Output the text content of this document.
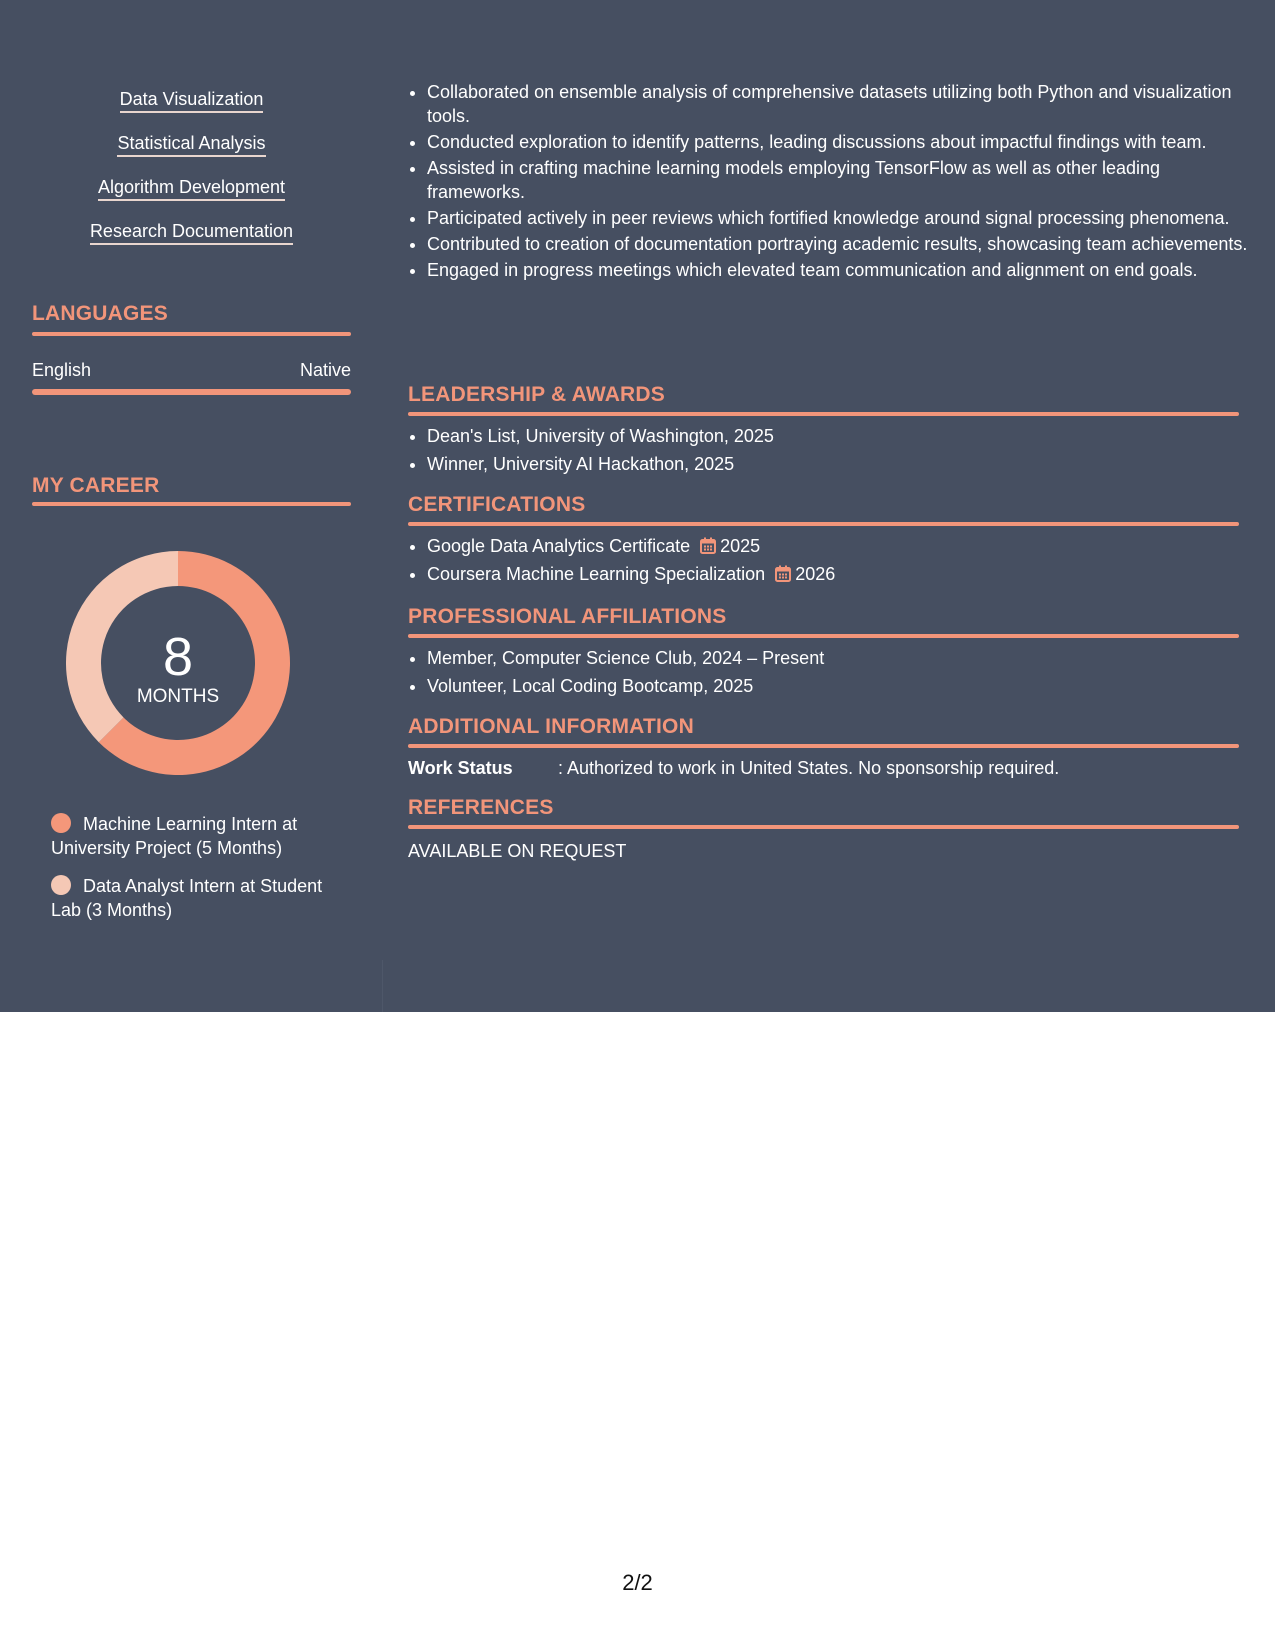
Data Visualization
Statistical Analysis
Algorithm Development
Research Documentation
LANGUAGES
English	Native
MY CAREER
8
MONTHS
Machine Learning Intern at University Project (5 Months)
Data Analyst Intern at Student Lab (3 Months)
• Collaborated on ensemble analysis of comprehensive datasets utilizing both Python and visualization tools.
• Conducted exploration to identify patterns, leading discussions about impactful findings with team.
• Assisted in crafting machine learning models employing TensorFlow as well as other leading frameworks.
• Participated actively in peer reviews which fortified knowledge around signal processing phenomena.
• Contributed to creation of documentation portraying academic results, showcasing team achievements.
• Engaged in progress meetings which elevated team communication and alignment on end goals.
LEADERSHIP & AWARDS
• Dean's List, University of Washington, 2025
• Winner, University AI Hackathon, 2025
CERTIFICATIONS
• Google Data Analytics Certificate 2025
• Coursera Machine Learning Specialization 2026
PROFESSIONAL AFFILIATIONS
• Member, Computer Science Club, 2024 – Present
• Volunteer, Local Coding Bootcamp, 2025
ADDITIONAL INFORMATION
Work Status	: Authorized to work in United States. No sponsorship required.
REFERENCES
AVAILABLE ON REQUEST
2/2
